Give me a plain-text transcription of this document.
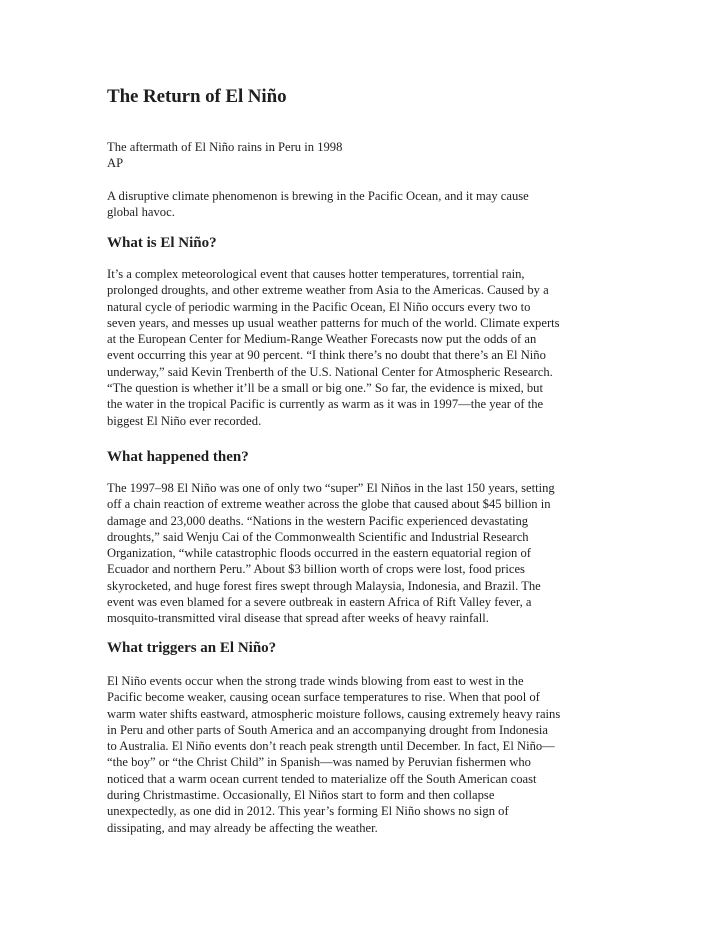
The Return of El Niño

The aftermath of El Niño rains in Peru in 1998
AP

A disruptive climate phenomenon is brewing in the Pacific Ocean, and it may cause
global havoc.

What is El Niño?

It’s a complex meteorological event that causes hotter temperatures, torrential rain,
prolonged droughts, and other extreme weather from Asia to the Americas. Caused by a
natural cycle of periodic warming in the Pacific Ocean, El Niño occurs every two to
seven years, and messes up usual weather patterns for much of the world. Climate experts
at the European Center for Medium-Range Weather Forecasts now put the odds of an
event occurring this year at 90 percent. “I think there’s no doubt that there’s an El Niño
underway,” said Kevin Trenberth of the U.S. National Center for Atmospheric Research.
“The question is whether it’ll be a small or big one.” So far, the evidence is mixed, but
the water in the tropical Pacific is currently as warm as it was in 1997—the year of the
biggest El Niño ever recorded.

What happened then?

The 1997–98 El Niño was one of only two “super” El Niños in the last 150 years, setting
off a chain reaction of extreme weather across the globe that caused about $45 billion in
damage and 23,000 deaths. “Nations in the western Pacific experienced devastating
droughts,” said Wenju Cai of the Commonwealth Scientific and Industrial Research
Organization, “while catastrophic floods occurred in the eastern equatorial region of
Ecuador and northern Peru.” About $3 billion worth of crops were lost, food prices
skyrocketed, and huge forest fires swept through Malaysia, Indonesia, and Brazil. The
event was even blamed for a severe outbreak in eastern Africa of Rift Valley fever, a
mosquito-transmitted viral disease that spread after weeks of heavy rainfall.

What triggers an El Niño?

El Niño events occur when the strong trade winds blowing from east to west in the
Pacific become weaker, causing ocean surface temperatures to rise. When that pool of
warm water shifts eastward, atmospheric moisture follows, causing extremely heavy rains
in Peru and other parts of South America and an accompanying drought from Indonesia
to Australia. El Niño events don’t reach peak strength until December. In fact, El Niño—
“the boy” or “the Christ Child” in Spanish—was named by Peruvian fishermen who
noticed that a warm ocean current tended to materialize off the South American coast
during Christmastime. Occasionally, El Niños start to form and then collapse
unexpectedly, as one did in 2012. This year’s forming El Niño shows no sign of
dissipating, and may already be affecting the weather.
